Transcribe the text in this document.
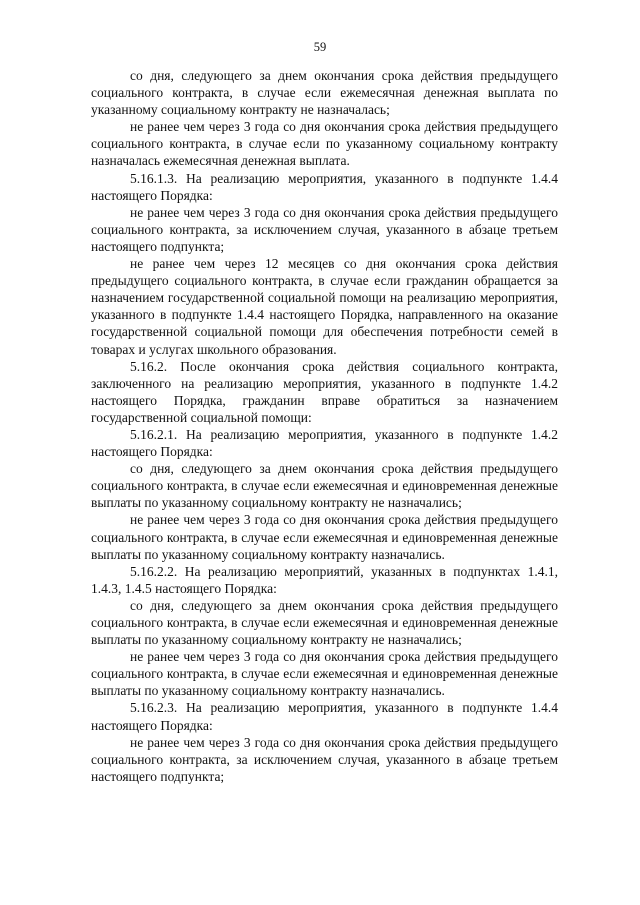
59

со дня, следующего за днем окончания срока действия предыдущего социального контракта, в случае если ежемесячная денежная выплата по указанному социальному контракту не назначалась;

не ранее чем через 3 года со дня окончания срока действия предыдущего социального контракта, в случае если по указанному социальному контракту назначалась ежемесячная денежная выплата.

5.16.1.3. На реализацию мероприятия, указанного в подпункте 1.4.4 настоящего Порядка:

не ранее чем через 3 года со дня окончания срока действия предыдущего социального контракта, за исключением случая, указанного в абзаце третьем настоящего подпункта;

не ранее чем через 12 месяцев со дня окончания срока действия предыдущего социального контракта, в случае если гражданин обращается за назначением государственной социальной помощи на реализацию мероприятия, указанного в подпункте 1.4.4 настоящего Порядка, направленного на оказание государственной социальной помощи для обеспечения потребности семей в товарах и услугах школьного образования.

5.16.2. После окончания срока действия социального контракта, заключенного на реализацию мероприятия, указанного в подпункте 1.4.2 настоящего Порядка, гражданин вправе обратиться за назначением государственной социальной помощи:

5.16.2.1. На реализацию мероприятия, указанного в подпункте 1.4.2 настоящего Порядка:

со дня, следующего за днем окончания срока действия предыдущего социального контракта, в случае если ежемесячная и единовременная денежные выплаты по указанному социальному контракту не назначались;

не ранее чем через 3 года со дня окончания срока действия предыдущего социального контракта, в случае если ежемесячная и единовременная денежные выплаты по указанному социальному контракту назначались.

5.16.2.2. На реализацию мероприятий, указанных в подпунктах 1.4.1, 1.4.3, 1.4.5 настоящего Порядка:

со дня, следующего за днем окончания срока действия предыдущего социального контракта, в случае если ежемесячная и единовременная денежные выплаты по указанному социальному контракту не назначались;

не ранее чем через 3 года со дня окончания срока действия предыдущего социального контракта, в случае если ежемесячная и единовременная денежные выплаты по указанному социальному контракту назначались.

5.16.2.3. На реализацию мероприятия, указанного в подпункте 1.4.4 настоящего Порядка:

не ранее чем через 3 года со дня окончания срока действия предыдущего социального контракта, за исключением случая, указанного в абзаце третьем настоящего подпункта;
